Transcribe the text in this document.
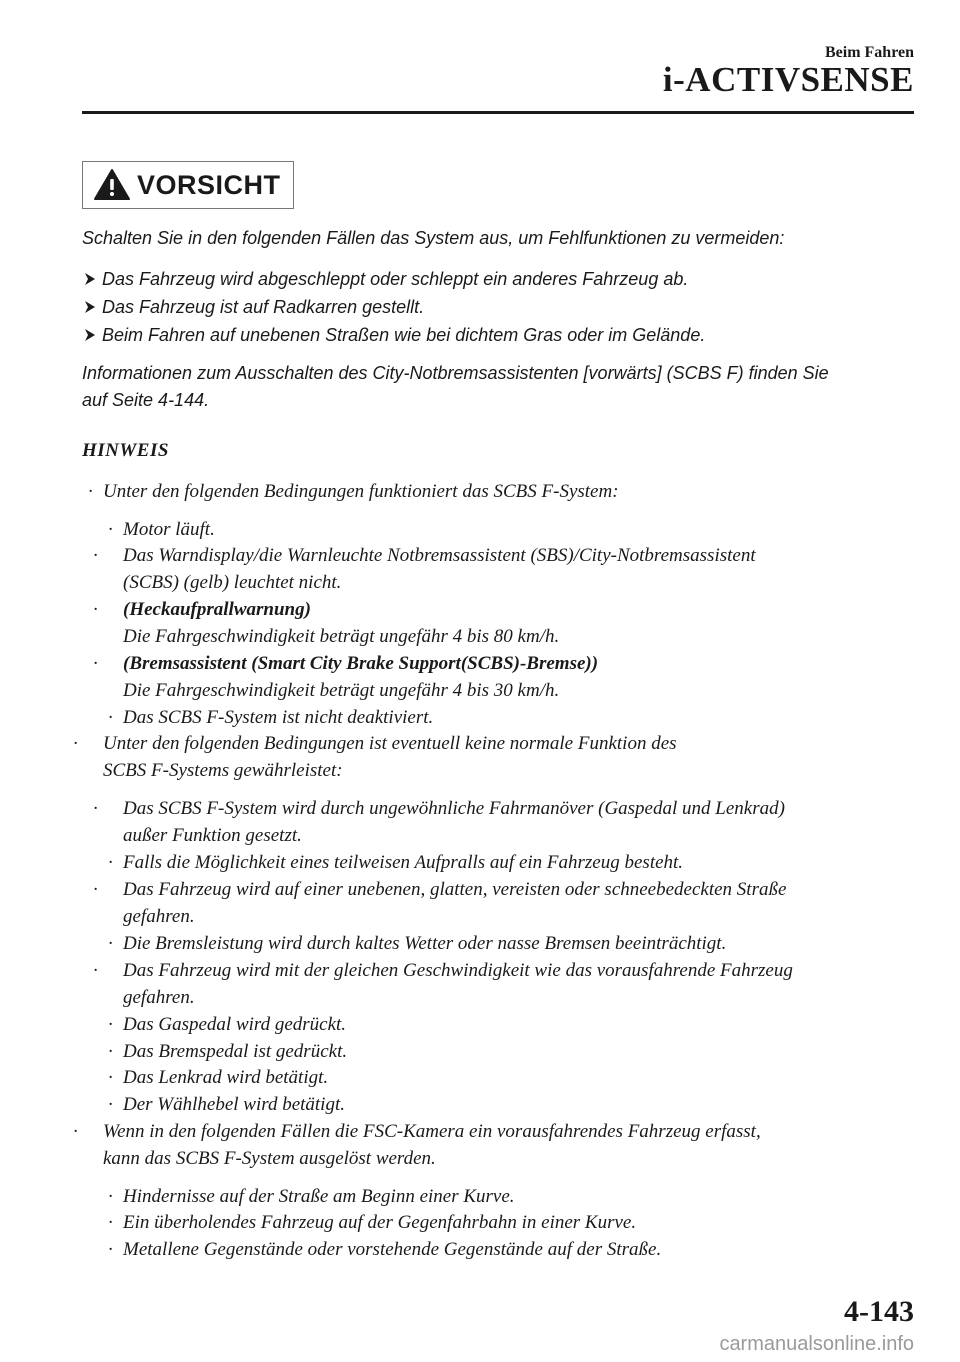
Beim Fahren
i-ACTIVSENSE
VORSICHT
Schalten Sie in den folgenden Fällen das System aus, um Fehlfunktionen zu vermeiden:
Das Fahrzeug wird abgeschleppt oder schleppt ein anderes Fahrzeug ab.
Das Fahrzeug ist auf Radkarren gestellt.
Beim Fahren auf unebenen Straßen wie bei dichtem Gras oder im Gelände.
Informationen zum Ausschalten des City-Notbremsassistenten [vorwärts] (SCBS F) finden Sie
auf Seite 4-144.
HINWEIS
· Unter den folgenden Bedingungen funktioniert das SCBS F-System:
· Motor läuft.
· Das Warndisplay/die Warnleuchte Notbremsassistent (SBS)/City-Notbremsassistent
(SCBS) (gelb) leuchtet nicht.
· (Heckaufprallwarnung)
Die Fahrgeschwindigkeit beträgt ungefähr 4 bis 80 km/h.
· (Bremsassistent (Smart City Brake Support(SCBS)-Bremse))
Die Fahrgeschwindigkeit beträgt ungefähr 4 bis 30 km/h.
· Das SCBS F-System ist nicht deaktiviert.
· Unter den folgenden Bedingungen ist eventuell keine normale Funktion des
SCBS F-Systems gewährleistet:
· Das SCBS F-System wird durch ungewöhnliche Fahrmanöver (Gaspedal und Lenkrad)
außer Funktion gesetzt.
· Falls die Möglichkeit eines teilweisen Aufpralls auf ein Fahrzeug besteht.
· Das Fahrzeug wird auf einer unebenen, glatten, vereisten oder schneebedeckten Straße
gefahren.
· Die Bremsleistung wird durch kaltes Wetter oder nasse Bremsen beeinträchtigt.
· Das Fahrzeug wird mit der gleichen Geschwindigkeit wie das vorausfahrende Fahrzeug
gefahren.
· Das Gaspedal wird gedrückt.
· Das Bremspedal ist gedrückt.
· Das Lenkrad wird betätigt.
· Der Wählhebel wird betätigt.
· Wenn in den folgenden Fällen die FSC-Kamera ein vorausfahrendes Fahrzeug erfasst,
kann das SCBS F-System ausgelöst werden.
· Hindernisse auf der Straße am Beginn einer Kurve.
· Ein überholendes Fahrzeug auf der Gegenfahrbahn in einer Kurve.
· Metallene Gegenstände oder vorstehende Gegenstände auf der Straße.
4-143
carmanualsonline.info
